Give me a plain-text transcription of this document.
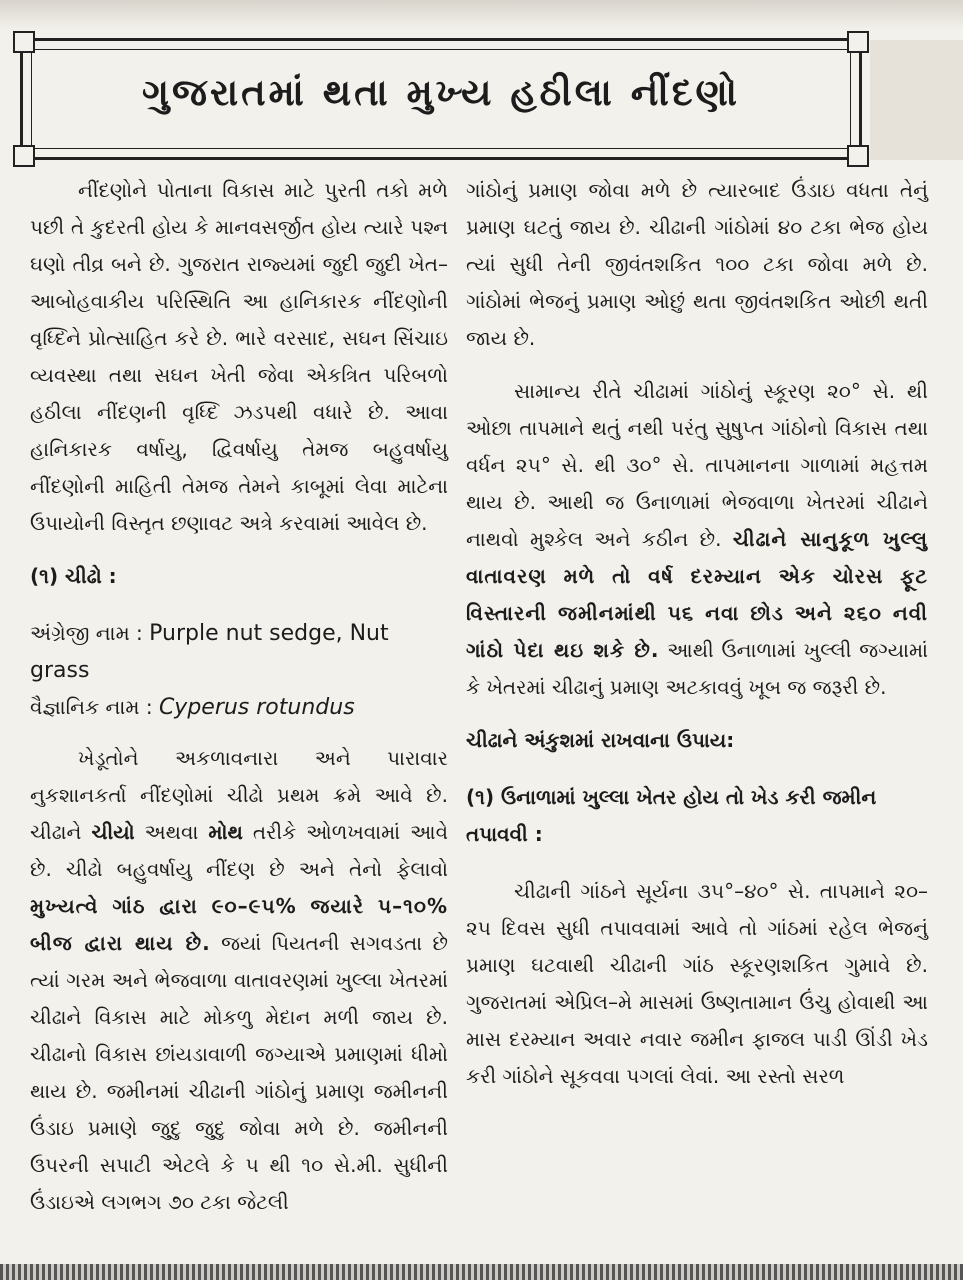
ગુજરાતમાં થતા મુખ્ય હઠીલા નીંદણો

નીંદણોને પોતાના વિકાસ માટે પુરતી તકો મળે પછી તે કુદરતી હોય કે માનવસર્જીત હોય ત્યારે પશ્ન ઘણો તીવ્ર બને છે. ગુજરાત રાજ્યમાં જુદી જુદી ખેત–આબોહવાકીય પરિસ્થિતિ આ હાનિકારક નીંદણોની વૃધ્દિને પ્રોત્સાહિત કરે છે. ભારે વરસાદ, સઘન સિંચાઇ વ્યવસ્થા તથા સઘન ખેતી જેવા એકત્રિત પરિબળો હઠીલા નીંદણની વૃધ્દિ ઝડપથી વધારે છે. આવા હાનિકારક વર્ષાયુ, દ્વિવર્ષાયુ તેમજ બહુવર્ષાયુ નીંદણોની માહિતી તેમજ તેમને કાબૂમાં લેવા માટેના ઉપાયોની વિસ્તૃત છણાવટ અત્રે કરવામાં આવેલ છે.

(૧) ચીઢો :

અંગ્રેજી નામ : Purple nut sedge, Nut grass

વૈજ્ઞાનિક નામ : Cyperus rotundus

ખેડૂતોને અકળાવનારા અને પારાવાર નુકશાનકર્તા નીંદણોમાં ચીઢો પ્રથમ ક્રમે આવે છે. ચીઢાને ચીયો અથવા મોથ તરીકે ઓળખવામાં આવે છે. ચીઢો બહુવર્ષાયુ નીંદણ છે અને તેનો ફેલાવો મુખ્યત્વે ગાંઠ દ્વારા ૯૦–૯૫% જયારે ૫–૧૦% બીજ દ્વારા થાય છે. જયાં પિયતની સગવડતા છે ત્યાં ગરમ અને ભેજવાળા વાતાવરણમાં ખુલ્લા ખેતરમાં ચીઢાને વિકાસ માટે મોકળુ મેદાન મળી જાય છે. ચીઢાનો વિકાસ છાંયડાવાળી જગ્યાએ પ્રમાણમાં ધીમો થાય છે. જમીનમાં ચીઢાની ગાંઠોનું પ્રમાણ જમીનની ઉંડાઇ પ્રમાણે જુદુ જુદુ જોવા મળે છે. જમીનની ઉપરની સપાટી એટલે કે ૫ થી ૧૦ સે.મી. સુધીની ઉંડાઇએ લગભગ ૭૦ ટકા જેટલી

ગાંઠોનું પ્રમાણ જોવા મળે છે ત્યારબાદ ઉંડાઇ વધતા તેનું પ્રમાણ ઘટતું જાય છે. ચીઢાની ગાંઠોમાં ૪૦ ટકા ભેજ હોય ત્યાં સુધી તેની જીવંતશકિત ૧૦૦ ટકા જોવા મળે છે. ગાંઠોમાં ભેજનું પ્રમાણ ઓછું થતા જીવંતશકિત ઓછી થતી જાય છે.

સામાન્ય રીતે ચીઢામાં ગાંઠોનું સ્કૂરણ ૨૦° સે. થી ઓછા તાપમાને થતું નથી પરંતુ સુષુપ્ત ગાંઠોનો વિકાસ તથા વર્ધન ૨૫° સે. થી ૩૦° સે. તાપમાનના ગાળામાં મહત્તમ થાય છે. આથી જ ઉનાળામાં ભેજવાળા ખેતરમાં ચીઢાને નાથવો મુશ્કેલ અને કઠીન છે. ચીઢાને સાનુકૂળ ખુલ્લુ વાતાવરણ મળે તો વર્ષ દરમ્યાન એક ચોરસ ફૂટ વિસ્તારની જમીનમાંથી ૫૬ નવા છોડ અને ૨૬૦ નવી ગાંઠો પેદા થઇ શકે છે. આથી ઉનાળામાં ખુલ્લી જગ્યામાં કે ખેતરમાં ચીઢાનું પ્રમાણ અટકાવવું ખૂબ જ જરૂરી છે.

ચીઢાને અંકુશમાં રાખવાના ઉપાય:

(૧) ઉનાળામાં ખુલ્લા ખેતર હોય તો ખેડ કરી જમીન તપાવવી :

ચીઢાની ગાંઠને સૂર્યના ૩૫°–૪૦° સે. તાપમાને ૨૦–૨૫ દિવસ સુધી તપાવવામાં આવે તો ગાંઠમાં રહેલ ભેજનું પ્રમાણ ઘટવાથી ચીઢાની ગાંઠ સ્કૂરણશકિત ગુમાવે છે. ગુજરાતમાં એપ્રિલ–મે માસમાં ઉષ્ણતામાન ઉંચુ હોવાથી આ માસ દરમ્યાન અવાર નવાર જમીન ફાજલ પાડી ઊંડી ખેડ કરી ગાંઠોને સૂકવવા પગલાં લેવાં. આ રસ્તો સરળ
